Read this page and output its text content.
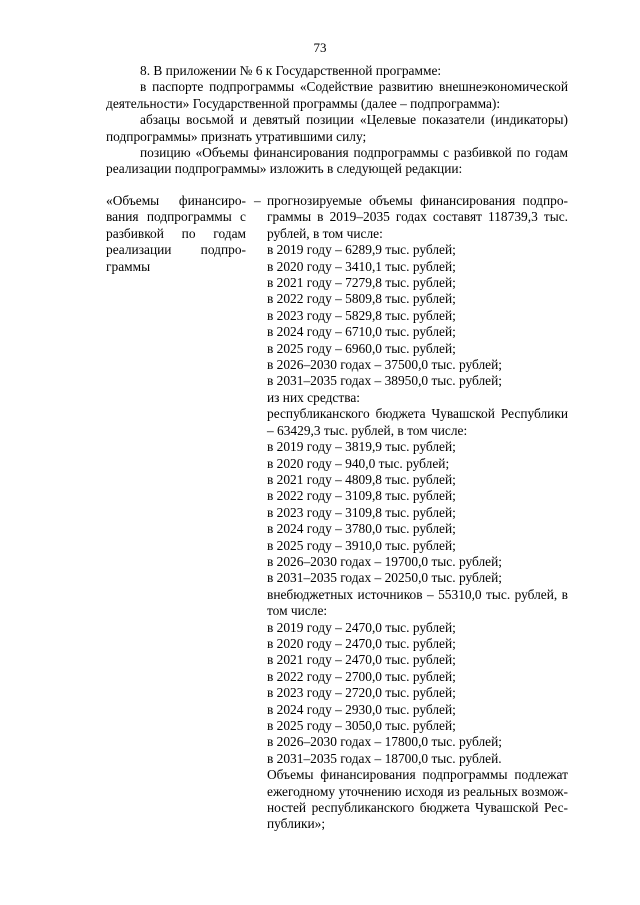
73

8. В приложении № 6 к Государственной программе:

в паспорте подпрограммы «Содействие развитию внешнеэкономической деятельности» Государственной программы (далее – подпрограмма):

абзацы восьмой и девятый позиции «Целевые показатели (индикаторы) подпрограммы» признать утратившими силу;

позицию «Объемы финансирования подпрограммы с разбивкой по годам реализации подпрограммы» изложить в следующей редакции:

«Объемы финансиро- вания подпрограммы с разбивкой по годам реализации подпро- граммы
– прогнозируемые объемы финансирования подпро- граммы в 2019–2035 годах составят 118739,3 тыс. рублей, в том числе:
в 2019 году – 6289,9 тыс. рублей;
в 2020 году – 3410,1 тыс. рублей;
в 2021 году – 7279,8 тыс. рублей;
в 2022 году – 5809,8 тыс. рублей;
в 2023 году – 5829,8 тыс. рублей;
в 2024 году – 6710,0 тыс. рублей;
в 2025 году – 6960,0 тыс. рублей;
в 2026–2030 годах – 37500,0 тыс. рублей;
в 2031–2035 годах – 38950,0 тыс. рублей;
из них средства:
республиканского бюджета Чувашской Республики – 63429,3 тыс. рублей, в том числе:
в 2019 году – 3819,9 тыс. рублей;
в 2020 году – 940,0 тыс. рублей;
в 2021 году – 4809,8 тыс. рублей;
в 2022 году – 3109,8 тыс. рублей;
в 2023 году – 3109,8 тыс. рублей;
в 2024 году – 3780,0 тыс. рублей;
в 2025 году – 3910,0 тыс. рублей;
в 2026–2030 годах – 19700,0 тыс. рублей;
в 2031–2035 годах – 20250,0 тыс. рублей;
внебюджетных источников – 55310,0 тыс. рублей, в том числе:
в 2019 году – 2470,0 тыс. рублей;
в 2020 году – 2470,0 тыс. рублей;
в 2021 году – 2470,0 тыс. рублей;
в 2022 году – 2700,0 тыс. рублей;
в 2023 году – 2720,0 тыс. рублей;
в 2024 году – 2930,0 тыс. рублей;
в 2025 году – 3050,0 тыс. рублей;
в 2026–2030 годах – 17800,0 тыс. рублей;
в 2031–2035 годах – 18700,0 тыс. рублей.
Объемы финансирования подпрограммы подлежат ежегодному уточнению исходя из реальных возмож- ностей республиканского бюджета Чувашской Рес- публики»;
